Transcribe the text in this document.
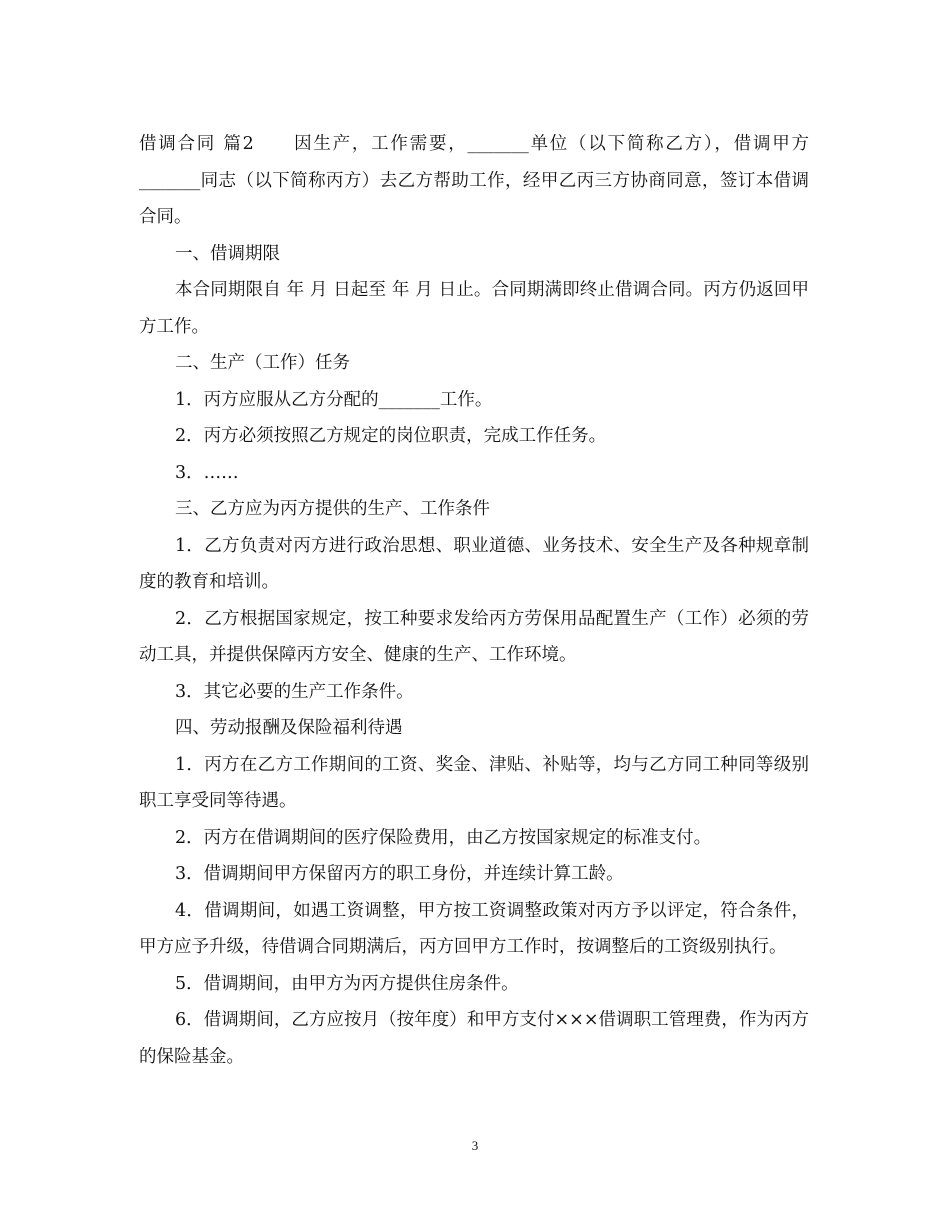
借调合同 篇2　　因生产，工作需要，_______单位（以下简称乙方），借调甲方_______同志（以下简称丙方）去乙方帮助工作，经甲乙丙三方协商同意，签订本借调合同。

一、借调期限

本合同期限自 年 月 日起至 年 月 日止。合同期满即终止借调合同。丙方仍返回甲方工作。

二、生产（工作）任务

1．丙方应服从乙方分配的_______工作。

2．丙方必须按照乙方规定的岗位职责，完成工作任务。

3．……

三、乙方应为丙方提供的生产、工作条件

1．乙方负责对丙方进行政治思想、职业道德、业务技术、安全生产及各种规章制度的教育和培训。

2．乙方根据国家规定，按工种要求发给丙方劳保用品配置生产（工作）必须的劳动工具，并提供保障丙方安全、健康的生产、工作环境。

3．其它必要的生产工作条件。

四、劳动报酬及保险福利待遇

1．丙方在乙方工作期间的工资、奖金、津贴、补贴等，均与乙方同工种同等级别职工享受同等待遇。

2．丙方在借调期间的医疗保险费用，由乙方按国家规定的标准支付。

3．借调期间甲方保留丙方的职工身份，并连续计算工龄。

4．借调期间，如遇工资调整，甲方按工资调整政策对丙方予以评定，符合条件，甲方应予升级，待借调合同期满后，丙方回甲方工作时，按调整后的工资级别执行。

5．借调期间，由甲方为丙方提供住房条件。

6．借调期间，乙方应按月（按年度）和甲方支付×××借调职工管理费，作为丙方的保险基金。

3
